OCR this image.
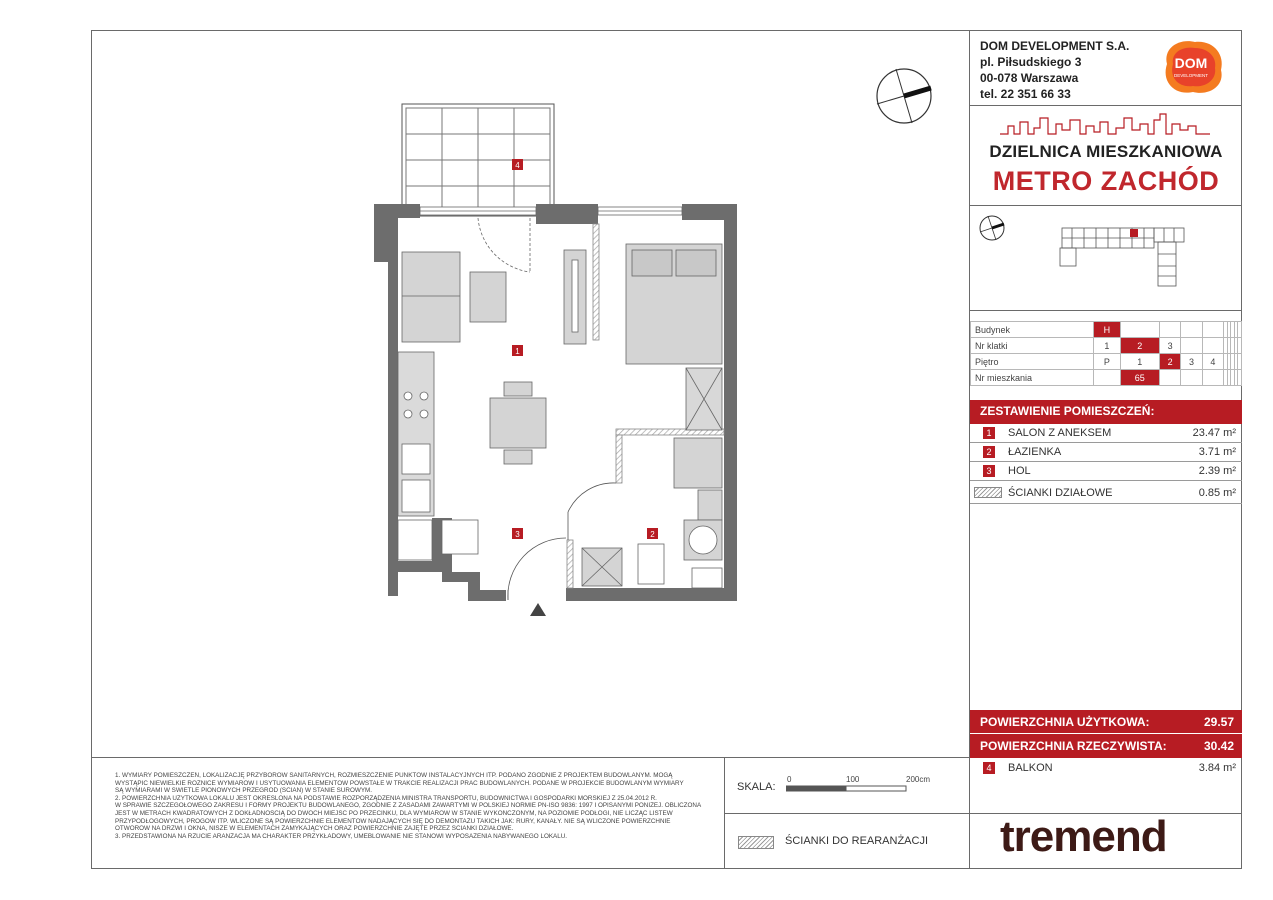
DOM DEVELOPMENT S.A.
pl. Piłsudskiego 3
00-078 Warszawa
tel. 22 351 66 33
DOM
DEVELOPMENT
DZIELNICA MIESZKANIOWA
METRO ZACHÓD
Budynek	H									
Nr klatki	1	2	3							
Piętro	P	1	2	3	4					
Nr mieszkania		65								
ZESTAWIENIE POMIESZCZEŃ:
1	SALON Z ANEKSEM	23.47 m²
2	ŁAZIENKA	3.71 m²
3	HOL	2.39 m²
ŚCIANKI DZIAŁOWE	0.85 m²
POWIERZCHNIA UŻYTKOWA:	29.57
POWIERZCHNIA RZECZYWISTA:	30.42
4	BALKON	3.84 m²
SKALA:
0	100	200cm
ŚCIANKI DO REARANŻACJI
1. WYMIARY POMIESZCZEŃ, LOKALIZACJĘ PRZYBORÓW SANITARNYCH, ROZMIESZCZENIE PUNKTÓW INSTALACYJNYCH ITP. PODANO ZGODNIE Z PROJEKTEM BUDOWLANYM. MOGĄ
WYSTĄPIĆ NIEWIELKIE RÓŻNICE WYMIARÓW I USYTUOWANIA ELEMENTÓW POWSTAŁE W TRAKCIE REALIZACJI PRAC BUDOWLANYCH. PODANE W PROJEKCIE BUDOWLANYM WYMIARY
SĄ WYMIARAMI W ŚWIETLE PIONOWYCH PRZEGRÓD (ŚCIAN) W STANIE SUROWYM.
2. POWIERZCHNIA UŻYTKOWA LOKALU JEST OKREŚLONA NA PODSTAWIE ROZPORZĄDZENIA MINISTRA TRANSPORTU, BUDOWNICTWA I GOSPODARKI MORSKIEJ Z 25.04.2012 R.
W SPRAWIE SZCZEGÓŁOWEGO ZAKRESU I FORMY PROJEKTU BUDOWLANEGO, ZGODNIE Z ZASADAMI ZAWARTYMI W POLSKIEJ NORMIE PN-ISO 9836: 1997 I OPISANYMI PONIŻEJ. OBLICZONA
JEST W METRACH KWADRATOWYCH Z DOKŁADNOŚCIĄ DO DWÓCH MIEJSC PO PRZECINKU, DLA WYMIARÓW W STANIE WYKOŃCZONYM, NA POZIOMIE PODŁOGI, NIE LICZĄC LISTEW
PRZYPODŁOGOWYCH, PROGÓW ITP. WLICZONE SĄ POWIERZCHNIE ELEMENTÓW NADAJĄCYCH SIĘ DO DEMONTAŻU TAKICH JAK: RURY, KANAŁY. NIE SĄ WLICZONE POWIERZCHNIE
OTWORÓW NA DRZWI I OKNA, NISZE W ELEMENTACH ZAMYKAJĄCYCH ORAZ POWIERZCHNIE ZAJĘTE PRZEZ ŚCIANKI DZIAŁOWE.
3. PRZEDSTAWIONA NA RZUCIE ARANŻACJA MA CHARAKTER PRZYKŁADOWY, UMEBLOWANIE NIE STANOWI WYPOSAŻENIA NABYWANEGO LOKALU.	tremend
1
2
3
4
